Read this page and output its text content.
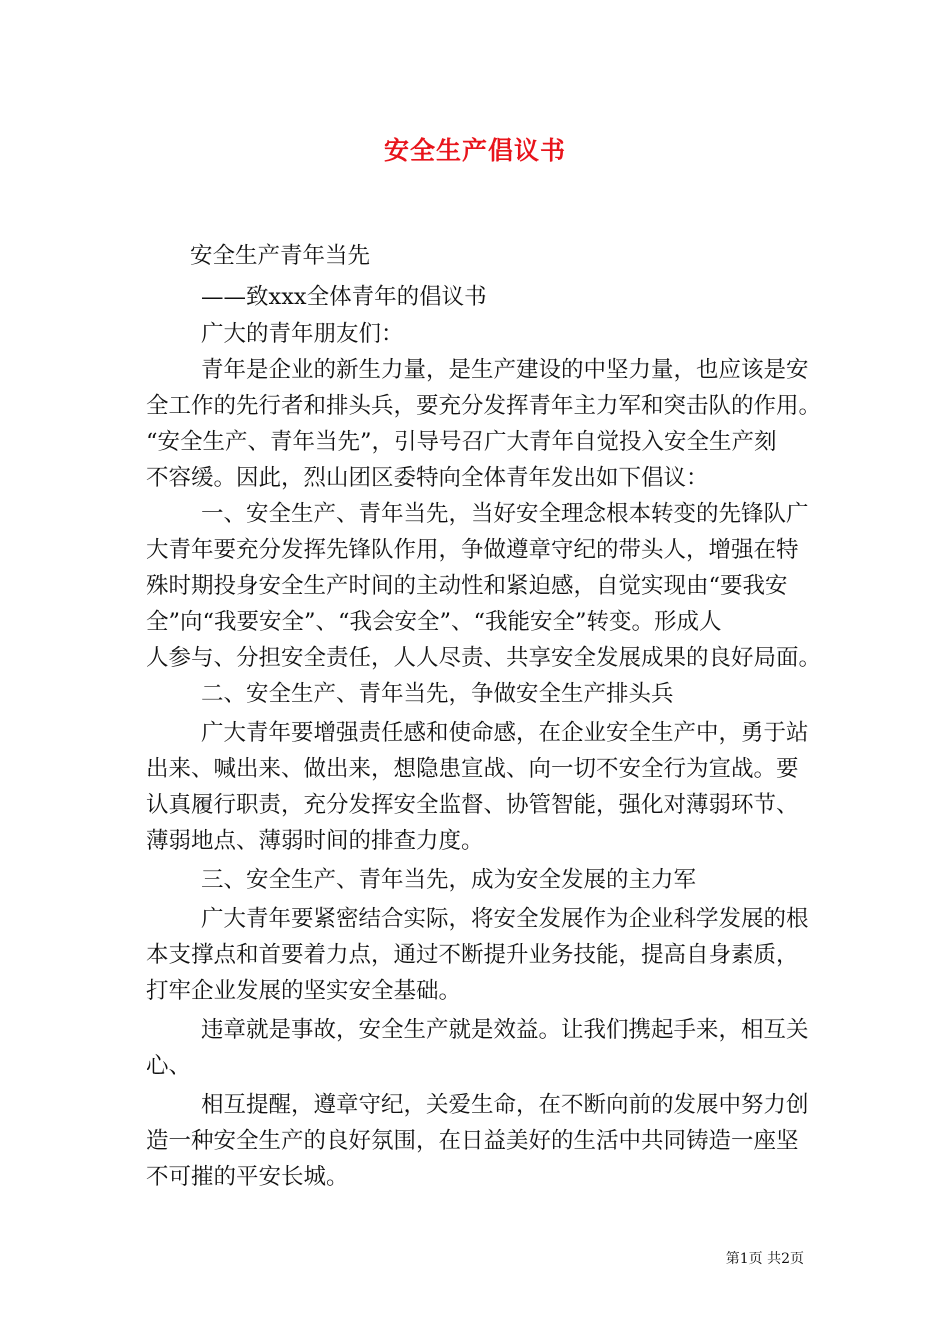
安全生产倡议书
安全生产青年当先
——致xxx全体青年的倡议书
广大的青年朋友们：
青年是企业的新生力量，是生产建设的中坚力量，也应该是安
全工作的先行者和排头兵，要充分发挥青年主力军和突击队的作用。
“安全生产、青年当先”，引导号召广大青年自觉投入安全生产刻
不容缓。因此，烈山团区委特向全体青年发出如下倡议：
一、安全生产、青年当先，当好安全理念根本转变的先锋队广
大青年要充分发挥先锋队作用，争做遵章守纪的带头人，增强在特
殊时期投身安全生产时间的主动性和紧迫感，自觉实现由“要我安
全”向“我要安全”、“我会安全”、“我能安全”转变。形成人
人参与、分担安全责任，人人尽责、共享安全发展成果的良好局面。
二、安全生产、青年当先，争做安全生产排头兵
广大青年要增强责任感和使命感，在企业安全生产中，勇于站
出来、喊出来、做出来，想隐患宣战、向一切不安全行为宣战。要
认真履行职责，充分发挥安全监督、协管智能，强化对薄弱环节、
薄弱地点、薄弱时间的排查力度。
三、安全生产、青年当先，成为安全发展的主力军
广大青年要紧密结合实际，将安全发展作为企业科学发展的根
本支撑点和首要着力点，通过不断提升业务技能，提高自身素质，
打牢企业发展的坚实安全基础。
违章就是事故，安全生产就是效益。让我们携起手来，相互关
心、
相互提醒，遵章守纪，关爱生命，在不断向前的发展中努力创
造一种安全生产的良好氛围，在日益美好的生活中共同铸造一座坚
不可摧的平安长城。
第1页 共2页
